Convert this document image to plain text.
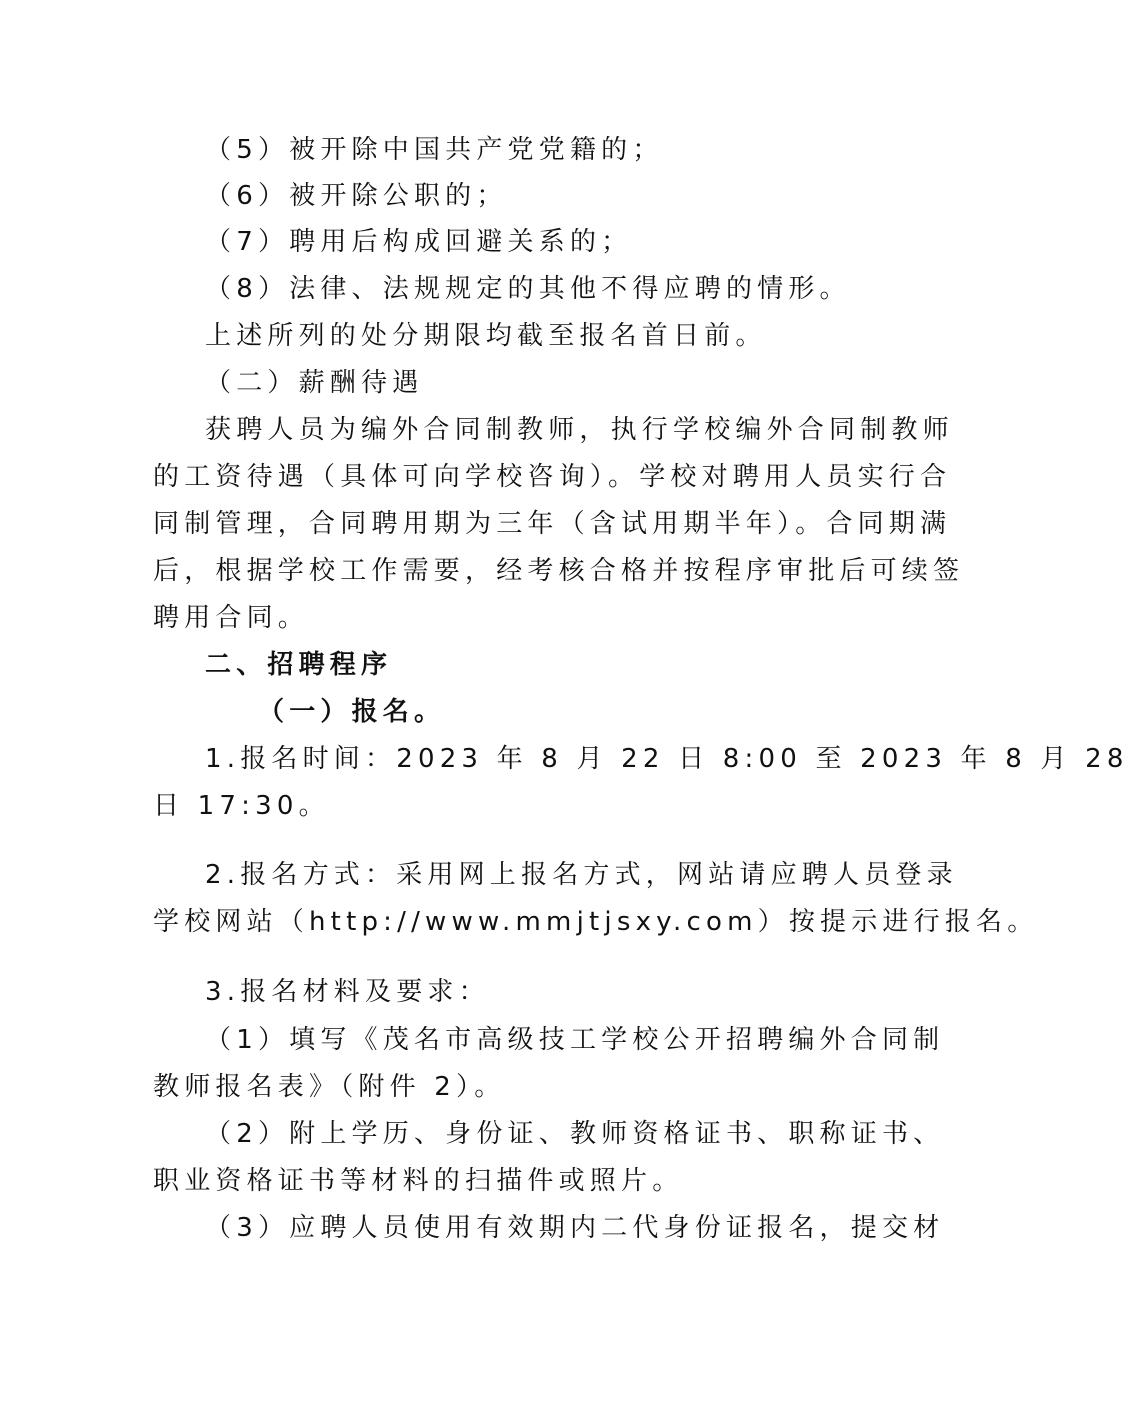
（5）被开除中国共产党党籍的；
（6）被开除公职的；
（7）聘用后构成回避关系的；
（8）法律、法规规定的其他不得应聘的情形。
上述所列的处分期限均截至报名首日前。
（二）薪酬待遇
获聘人员为编外合同制教师，执行学校编外合同制教师
的工资待遇（具体可向学校咨询）。学校对聘用人员实行合
同制管理，合同聘用期为三年（含试用期半年）。合同期满
后，根据学校工作需要，经考核合格并按程序审批后可续签
聘用合同。
二、招聘程序
（一）报名。
1.报名时间：2023 年 8 月 22 日 8:00 至 2023 年 8 月 28
日 17:30。
2.报名方式：采用网上报名方式，网站请应聘人员登录
学校网站（http://www.mmjtjsxy.com）按提示进行报名。
3.报名材料及要求：
（1）填写《茂名市高级技工学校公开招聘编外合同制
教师报名表》（附件 2）。
（2）附上学历、身份证、教师资格证书、职称证书、
职业资格证书等材料的扫描件或照片。
（3）应聘人员使用有效期内二代身份证报名，提交材
